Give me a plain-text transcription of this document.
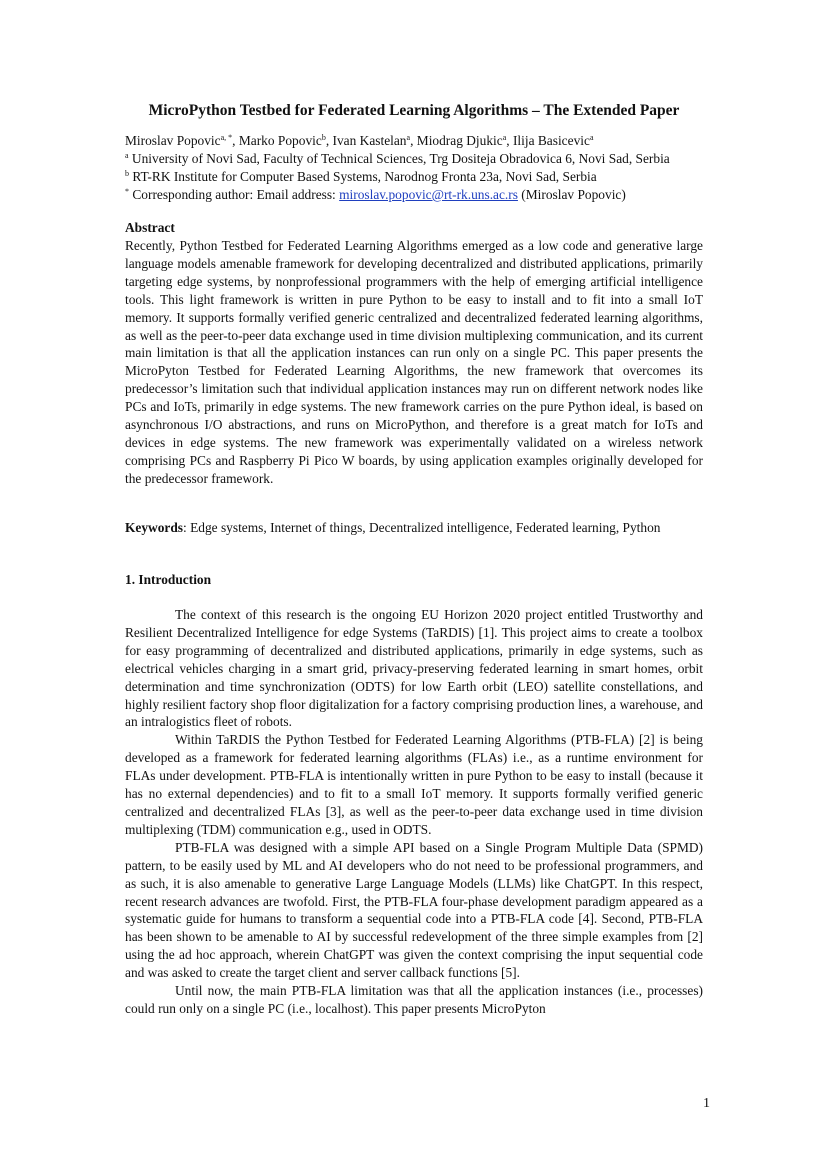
MicroPython Testbed for Federated Learning Algorithms – The Extended Paper
Miroslav Popovic$^{a, *}$, Marko Popovic$^b$, Ivan Kastelan$^a$, Miodrag Djukic$^a$, Ilija Basicevic$^a$
$^a$ University of Novi Sad, Faculty of Technical Sciences, Trg Dositeja Obradovica 6, Novi Sad, Serbia
$^b$ RT-RK Institute for Computer Based Systems, Narodnog Fronta 23a, Novi Sad, Serbia
* Corresponding author: Email address: miroslav.popovic@rt-rk.uns.ac.rs (Miroslav Popovic)
Abstract
Recently, Python Testbed for Federated Learning Algorithms emerged as a low code and generative large language models amenable framework for developing decentralized and distributed applications, primarily targeting edge systems, by nonprofessional programmers with the help of emerging artificial intelligence tools. This light framework is written in pure Python to be easy to install and to fit into a small IoT memory. It supports formally verified generic centralized and decentralized federated learning algorithms, as well as the peer-to-peer data exchange used in time division multiplexing communication, and its current main limitation is that all the application instances can run only on a single PC. This paper presents the MicroPyton Testbed for Federated Learning Algorithms, the new framework that overcomes its predecessor’s limitation such that individual application instances may run on different network nodes like PCs and IoTs, primarily in edge systems. The new framework carries on the pure Python ideal, is based on asynchronous I/O abstractions, and runs on MicroPython, and therefore is a great match for IoTs and devices in edge systems. The new framework was experimentally validated on a wireless network comprising PCs and Raspberry Pi Pico W boards, by using application examples originally developed for the predecessor framework.
Keywords: Edge systems, Internet of things, Decentralized intelligence, Federated learning, Python
1. Introduction

The context of this research is the ongoing EU Horizon 2020 project entitled Trustworthy and Resilient Decentralized Intelligence for edge Systems (TaRDIS) [1]. This project aims to create a toolbox for easy programming of decentralized and distributed applications, primarily in edge systems, such as electrical vehicles charging in a smart grid, privacy-preserving federated learning in smart homes, orbit determination and time synchronization (ODTS) for low Earth orbit (LEO) satellite constellations, and highly resilient factory shop floor digitalization for a factory comprising production lines, a warehouse, and an intralogistics fleet of robots.

Within TaRDIS the Python Testbed for Federated Learning Algorithms (PTB-FLA) [2] is being developed as a framework for federated learning algorithms (FLAs) i.e., as a runtime environment for FLAs under development. PTB-FLA is intentionally written in pure Python to be easy to install (because it has no external dependencies) and to fit to a small IoT memory. It supports formally verified generic centralized and decentralized FLAs [3], as well as the peer-to-peer data exchange used in time division multiplexing (TDM) communication e.g., used in ODTS.

PTB-FLA was designed with a simple API based on a Single Program Multiple Data (SPMD) pattern, to be easily used by ML and AI developers who do not need to be professional programmers, and as such, it is also amenable to generative Large Language Models (LLMs) like ChatGPT. In this respect, recent research advances are twofold. First, the PTB-FLA four-phase development paradigm appeared as a systematic guide for humans to transform a sequential code into a PTB-FLA code [4]. Second, PTB-FLA has been shown to be amenable to AI by successful redevelopment of the three simple examples from [2] using the ad hoc approach, wherein ChatGPT was given the context comprising the input sequential code and was asked to create the target client and server callback functions [5].

Until now, the main PTB-FLA limitation was that all the application instances (i.e., processes) could run only on a single PC (i.e., localhost). This paper presents MicroPyton

1
